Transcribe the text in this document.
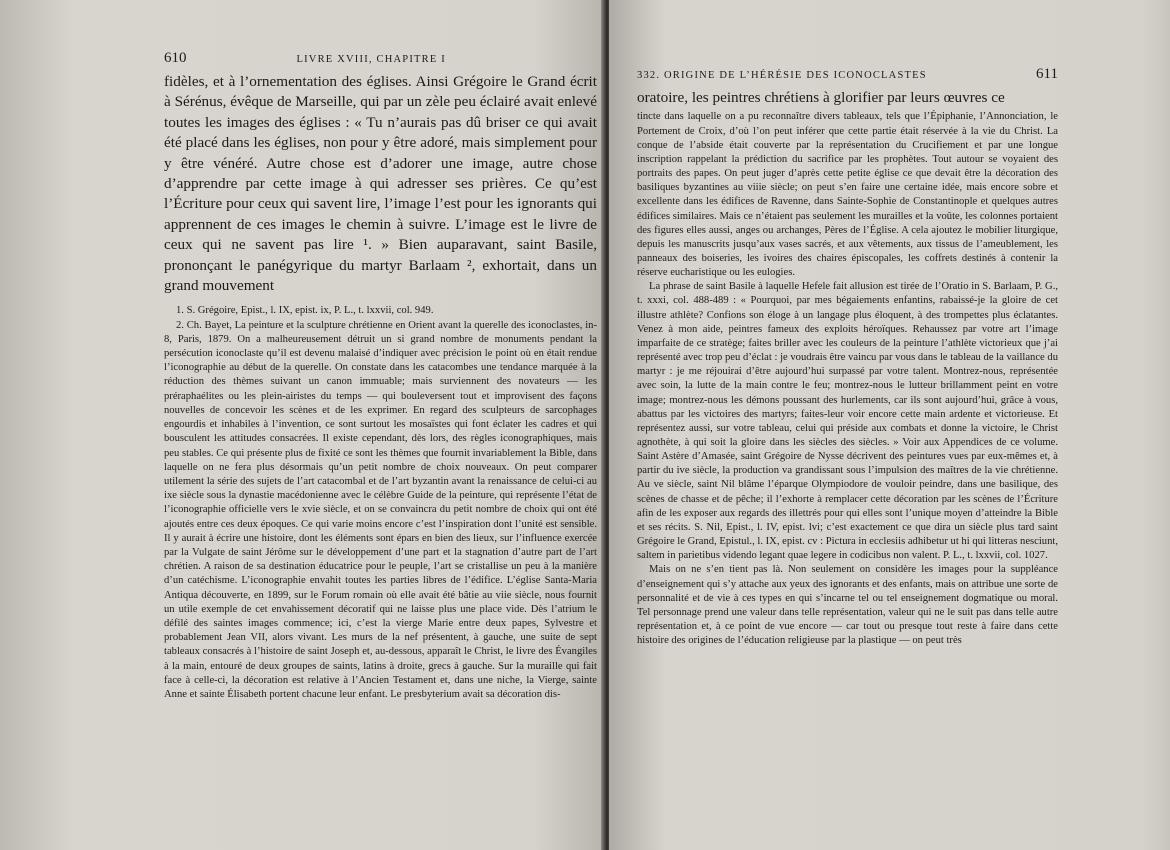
610	LIVRE XVIII, CHAPITRE I

fidèles, et à l’ornementation des églises. Ainsi Grégoire le Grand écrit à Sérénus, évêque de Marseille, qui par un zèle peu éclairé avait enlevé toutes les images des églises : « Tu n’aurais pas dû briser ce qui avait été placé dans les églises, non pour y être adoré, mais simplement pour y être vénéré. Autre chose est d’adorer une image, autre chose d’apprendre par cette image à qui adresser ses prières. Ce qu’est l’Écriture pour ceux qui savent lire, l’image l’est pour les ignorants qui apprennent de ces images le chemin à suivre. L’image est le livre de ceux qui ne savent pas lire ¹. » Bien auparavant, saint Basile, prononçant le panégyrique du martyr Barlaam ², exhortait, dans un grand mouvement

1. S. Grégoire, Epist., l. IX, epist. ix, P. L., t. lxxvii, col. 949.

2. Ch. Bayet, La peinture et la sculpture chrétienne en Orient avant la querelle des iconoclastes, in-8, Paris, 1879. On a malheureusement détruit un si grand nombre de monuments pendant la persécution iconoclaste qu’il est devenu malaisé d’indiquer avec précision le point où en était rendue l’iconographie au début de la querelle. On constate dans les catacombes une tendance marquée à la réduction des thèmes suivant un canon immuable; mais surviennent des novateurs — les préraphaélites ou les plein-airistes du temps — qui bouleversent tout et improvisent des façons nouvelles de concevoir les scènes et de les exprimer. En regard des sculpteurs de sarcophages engourdis et inhabiles à l’invention, ce sont surtout les mosaïstes qui font éclater les cadres et qui bousculent les attitudes consacrées. Il existe cependant, dès lors, des règles iconographiques, mais peu stables. Ce qui présente plus de fixité ce sont les thèmes que fournit invariablement la Bible, dans laquelle on ne fera plus désormais qu’un petit nombre de choix nouveaux. On peut comparer utilement la série des sujets de l’art catacombal et de l’art byzantin avant la renaissance de celui-ci au ixe siècle sous la dynastie macédonienne avec le célèbre Guide de la peinture, qui représente l’état de l’iconographie officielle vers le xvie siècle, et on se convaincra du petit nombre de choix qui ont été ajoutés entre ces deux époques. Ce qui varie moins encore c’est l’inspiration dont l’unité est sensible. Il y aurait à écrire une histoire, dont les éléments sont épars en bien des lieux, sur l’influence exercée par la Vulgate de saint Jérôme sur le développement d’une part et la stagnation d’autre part de l’art chrétien. A raison de sa destination éducatrice pour le peuple, l’art se cristallise un peu à la manière d’un catéchisme. L’iconographie envahit toutes les parties libres de l’édifice. L’église Santa-Maria Antiqua découverte, en 1899, sur le Forum romain où elle avait été bâtie au viie siècle, nous fournit un utile exemple de cet envahissement décoratif qui ne laisse plus une place vide. Dès l’atrium le défilé des saintes images commence; ici, c’est la vierge Marie entre deux papes, Sylvestre et probablement Jean VII, alors vivant. Les murs de la nef présentent, à gauche, une suite de sept tableaux consacrés à l’histoire de saint Joseph et, au-dessous, apparaît le Christ, le livre des Évangiles à la main, entouré de deux groupes de saints, latins à droite, grecs à gauche. Sur la muraille qui fait face à celle-ci, la décoration est relative à l’Ancien Testament et, dans une niche, la Vierge, sainte Anne et sainte Élisabeth portent chacune leur enfant. Le presbyterium avait sa décoration dis-

332. ORIGINE DE L’HÉRÉSIE DES ICONOCLASTES	611

oratoire, les peintres chrétiens à glorifier par leurs œuvres ce

tincte dans laquelle on a pu reconnaître divers tableaux, tels que l’Épiphanie, l’Annonciation, le Portement de Croix, d’où l’on peut inférer que cette partie était réservée à la vie du Christ. La conque de l’abside était couverte par la représentation du Crucifiement et par une longue inscription rappelant la prédiction du sacrifice par les prophètes. Tout autour se voyaient des portraits des papes. On peut juger d’après cette petite église ce que devait être la décoration des basiliques byzantines au viiie siècle; on peut s’en faire une certaine idée, mais encore sobre et excellente dans les édifices de Ravenne, dans Sainte-Sophie de Constantinople et quelques autres édifices similaires. Mais ce n’étaient pas seulement les murailles et la voûte, les colonnes portaient des figures elles aussi, anges ou archanges, Pères de l’Église. A cela ajoutez le mobilier liturgique, depuis les manuscrits jusqu’aux vases sacrés, et aux vêtements, aux tissus de l’ameublement, les panneaux des boiseries, les ivoires des chaires épiscopales, les coffrets destinés à contenir la réserve eucharistique ou les eulogies.

La phrase de saint Basile à laquelle Hefele fait allusion est tirée de l’Oratio in S. Barlaam, P. G., t. xxxi, col. 488-489 : « Pourquoi, par mes bégaiements enfantins, rabaissé-je la gloire de cet illustre athlète? Confions son éloge à un langage plus éloquent, à des trompettes plus éclatantes. Venez à mon aide, peintres fameux des exploits héroïques. Rehaussez par votre art l’image imparfaite de ce stratège; faites briller avec les couleurs de la peinture l’athlète victorieux que j’ai représenté avec trop peu d’éclat : je voudrais être vaincu par vous dans le tableau de la vaillance du martyr : je me réjouirai d’être aujourd’hui surpassé par votre talent. Montrez-nous, représentée avec soin, la lutte de la main contre le feu; montrez-nous le lutteur brillamment peint en votre image; montrez-nous les démons poussant des hurlements, car ils sont aujourd’hui, grâce à vous, abattus par les victoires des martyrs; faites-leur voir encore cette main ardente et victorieuse. Et représentez aussi, sur votre tableau, celui qui préside aux combats et donne la victoire, le Christ agnothète, à qui soit la gloire dans les siècles des siècles. » Voir aux Appendices de ce volume. Saint Astère d’Amasée, saint Grégoire de Nysse décrivent des peintures vues par eux-mêmes et, à partir du ive siècle, la production va grandissant sous l’impulsion des maîtres de la vie chrétienne. Au ve siècle, saint Nil blâme l’éparque Olympiodore de vouloir peindre, dans une basilique, des scènes de chasse et de pêche; il l’exhorte à remplacer cette décoration par les scènes de l’Écriture afin de les exposer aux regards des illettrés pour qui elles sont l’unique moyen d’atteindre la Bible et ses récits. S. Nil, Epist., l. IV, epist. lvi; c’est exactement ce que dira un siècle plus tard saint Grégoire le Grand, Epistul., l. IX, epist. cv : Pictura in ecclesiis adhibetur ut hi qui litteras nesciunt, saltem in parietibus videndo legant quae legere in codicibus non valent. P. L., t. lxxvii, col. 1027.

Mais on ne s’en tient pas là. Non seulement on considère les images pour la suppléance d’enseignement qui s’y attache aux yeux des ignorants et des enfants, mais on attribue une sorte de personnalité et de vie à ces types en qui s’incarne tel ou tel enseignement dogmatique ou moral. Tel personnage prend une valeur dans telle représentation, valeur qui ne le suit pas dans telle autre représentation et, à ce point de vue encore — car tout ou presque tout reste à faire dans cette histoire des origines de l’éducation religieuse par la plastique — on peut très
